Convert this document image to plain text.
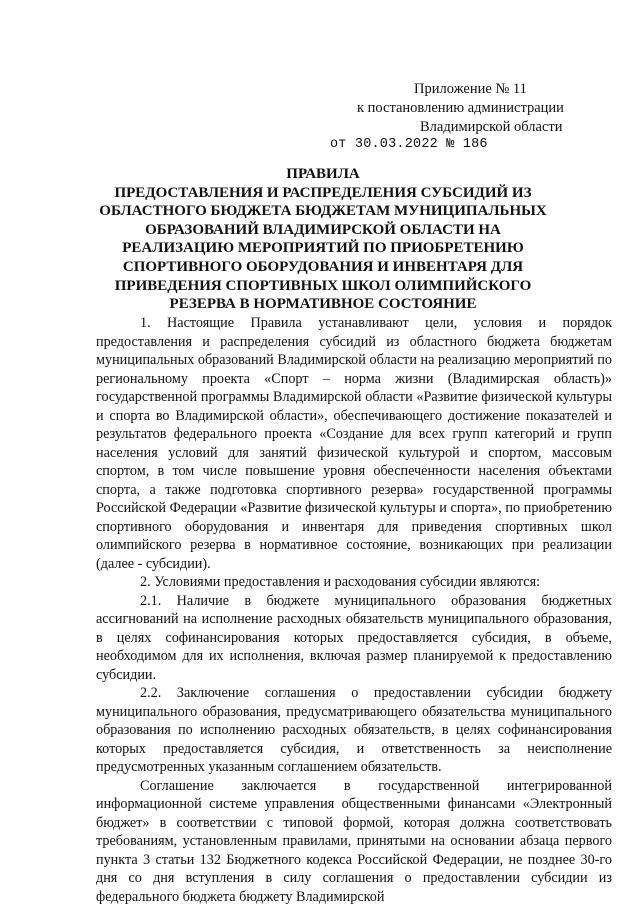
Приложение № 11
к постановлению администрации
Владимирской области
от 30.03.2022 № 186
ПРАВИЛА
ПРЕДОСТАВЛЕНИЯ И РАСПРЕДЕЛЕНИЯ СУБСИДИЙ ИЗ ОБЛАСТНОГО БЮДЖЕТА БЮДЖЕТАМ МУНИЦИПАЛЬНЫХ ОБРАЗОВАНИЙ ВЛАДИМИРСКОЙ ОБЛАСТИ НА РЕАЛИЗАЦИЮ МЕРОПРИЯТИЙ ПО ПРИОБРЕТЕНИЮ СПОРТИВНОГО ОБОРУДОВАНИЯ И ИНВЕНТАРЯ ДЛЯ ПРИВЕДЕНИЯ СПОРТИВНЫХ ШКОЛ ОЛИМПИЙСКОГО РЕЗЕРВА В НОРМАТИВНОЕ СОСТОЯНИЕ

1. Настоящие Правила устанавливают цели, условия и порядок предоставления и распределения субсидий из областного бюджета бюджетам муниципальных образований Владимирской области на реализацию мероприятий по региональному проекта «Спорт – норма жизни (Владимирская область)» государственной программы Владимирской области «Развитие физической культуры и спорта во Владимирской области», обеспечивающего достижение показателей и результатов федерального проекта «Создание для всех групп категорий и групп населения условий для занятий физической культурой и спортом, массовым спортом, в том числе повышение уровня обеспеченности населения объектами спорта, а также подготовка спортивного резерва» государственной программы Российской Федерации «Развитие физической культуры и спорта», по приобретению спортивного оборудования и инвентаря для приведения спортивных школ олимпийского резерва в нормативное состояние, возникающих при реализации (далее - субсидии).

2. Условиями предоставления и расходования субсидии являются:

2.1. Наличие в бюджете муниципального образования бюджетных ассигнований на исполнение расходных обязательств муниципального образования, в целях софинансирования которых предоставляется субсидия, в объеме, необходимом для их исполнения, включая размер планируемой к предоставлению субсидии.

2.2. Заключение соглашения о предоставлении субсидии бюджету муниципального образования, предусматривающего обязательства муниципального образования по исполнению расходных обязательств, в целях софинансирования которых предоставляется субсидия, и ответственность за неисполнение предусмотренных указанным соглашением обязательств.

Соглашение заключается в государственной интегрированной информационной системе управления общественными финансами «Электронный бюджет» в соответствии с типовой формой, которая должна соответствовать требованиям, установленным правилами, принятыми на основании абзаца первого пункта 3 статьи 132 Бюджетного кодекса Российской Федерации, не позднее 30-го дня со дня вступления в силу соглашения о предоставлении субсидии из федерального бюджета бюджету Владимирской
